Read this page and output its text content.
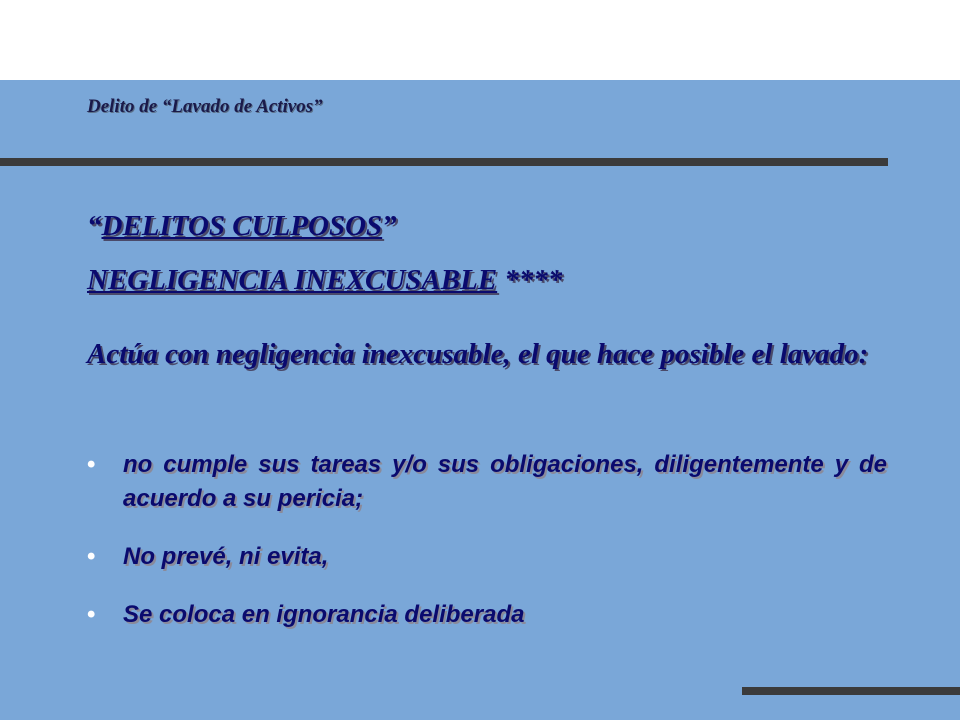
Delito de “Lavado de Activos”
“DELITOS CULPOSOS”
NEGLIGENCIA INEXCUSABLE ****
Actúa con negligencia inexcusable, el que hace posible el lavado:
• no cumple sus tareas y/o sus obligaciones, diligentemente y de acuerdo a su pericia;
• No prevé, ni evita,
• Se coloca en ignorancia deliberada
